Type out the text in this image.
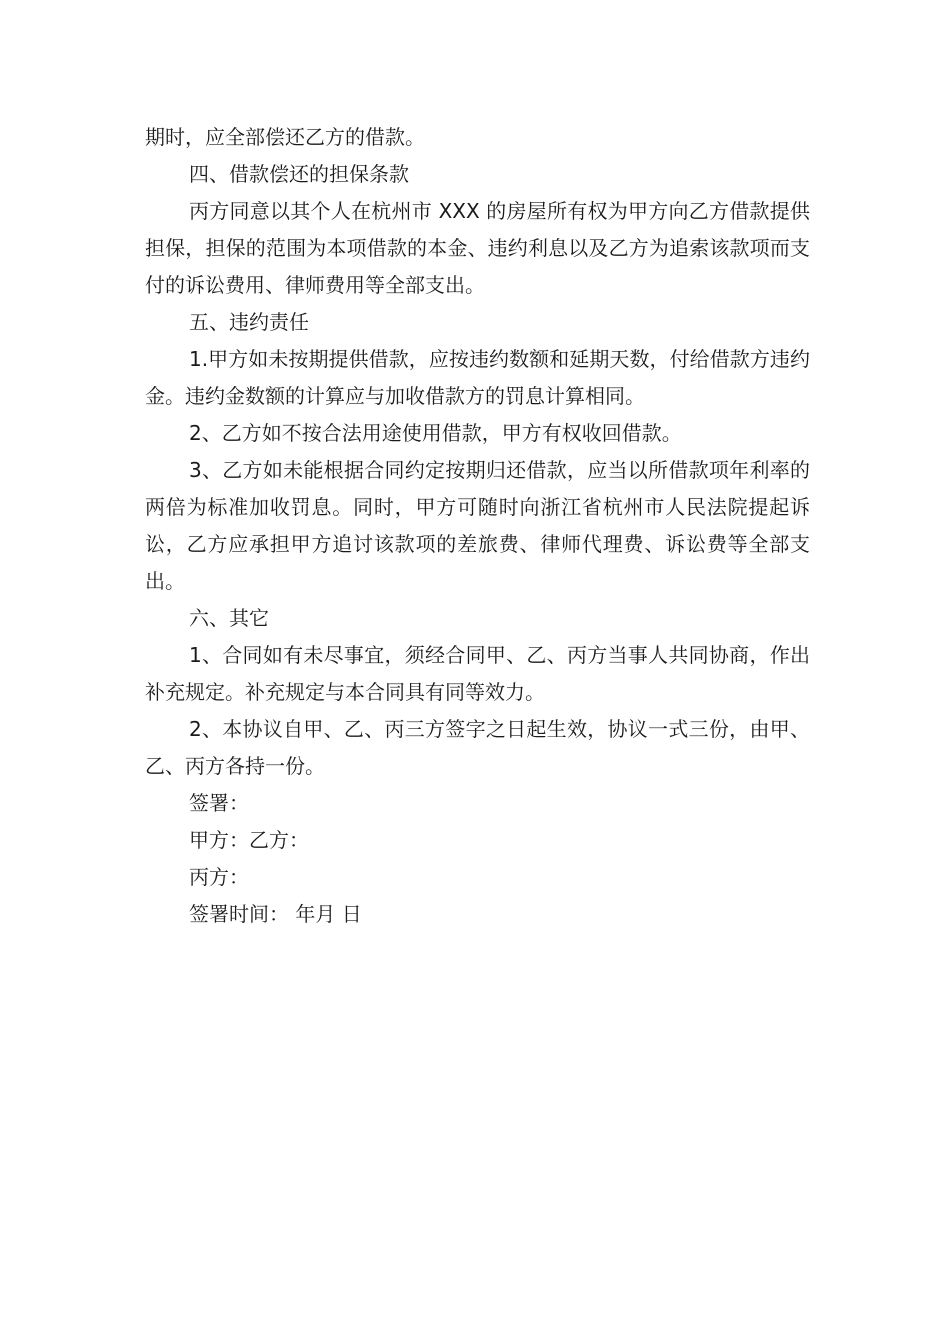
期时，应全部偿还乙方的借款。

四、借款偿还的担保条款

丙方同意以其个人在杭州市 XXX 的房屋所有权为甲方向乙方借款提供担保，担保的范围为本项借款的本金、违约利息以及乙方为追索该款项而支付的诉讼费用、律师费用等全部支出。

五、违约责任

1.甲方如未按期提供借款，应按违约数额和延期天数，付给借款方违约金。违约金数额的计算应与加收借款方的罚息计算相同。

2、乙方如不按合法用途使用借款，甲方有权收回借款。

3、乙方如未能根据合同约定按期归还借款，应当以所借款项年利率的两倍为标准加收罚息。同时，甲方可随时向浙江省杭州市人民法院提起诉讼，乙方应承担甲方追讨该款项的差旅费、律师代理费、诉讼费等全部支出。

六、其它

1、合同如有未尽事宜，须经合同甲、乙、丙方当事人共同协商，作出补充规定。补充规定与本合同具有同等效力。

2、本协议自甲、乙、丙三方签字之日起生效，协议一式三份，由甲、乙、丙方各持一份。

签署：

甲方：乙方：

丙方：

签署时间： 年月 日
